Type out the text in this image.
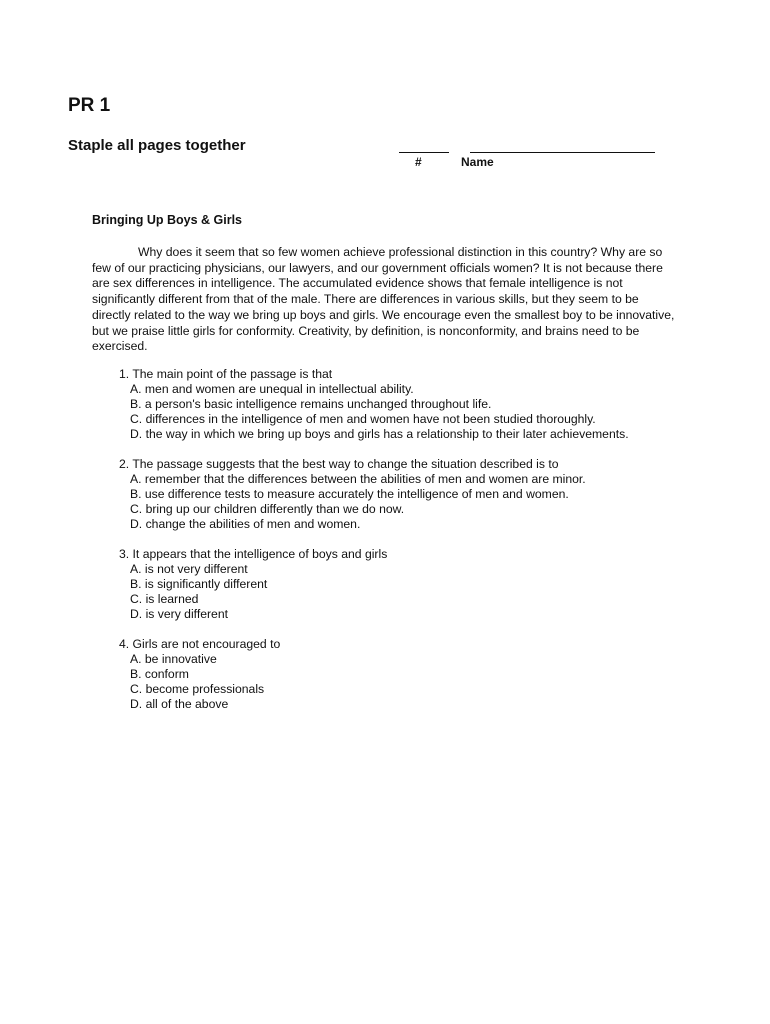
PR 1
Staple all pages together
#	Name
Bringing Up Boys & Girls

Why does it seem that so few women achieve professional distinction in this country? Why are so few of our practicing physicians, our lawyers, and our government officials women? It is not because there are sex differences in intelligence. The accumulated evidence shows that female intelligence is not significantly different from that of the male. There are differences in various skills, but they seem to be directly related to the way we bring up boys and girls. We encourage even the smallest boy to be innovative, but we praise little girls for conformity. Creativity, by definition, is nonconformity, and brains need to be exercised.

1. The main point of the passage is that

A. men and women are unequal in intellectual ability.
B. a person's basic intelligence remains unchanged throughout life.
C. differences in the intelligence of men and women have not been studied thoroughly.
D. the way in which we bring up boys and girls has a relationship to their later achievements.

2. The passage suggests that the best way to change the situation described is to

A. remember that the differences between the abilities of men and women are minor.
B. use difference tests to measure accurately the intelligence of men and women.
C. bring up our children differently than we do now.
D. change the abilities of men and women.

3. It appears that the intelligence of boys and girls

A. is not very different
B. is significantly different
C. is learned
D. is very different

4. Girls are not encouraged to

A. be innovative
B. conform
C. become professionals
D. all of the above
